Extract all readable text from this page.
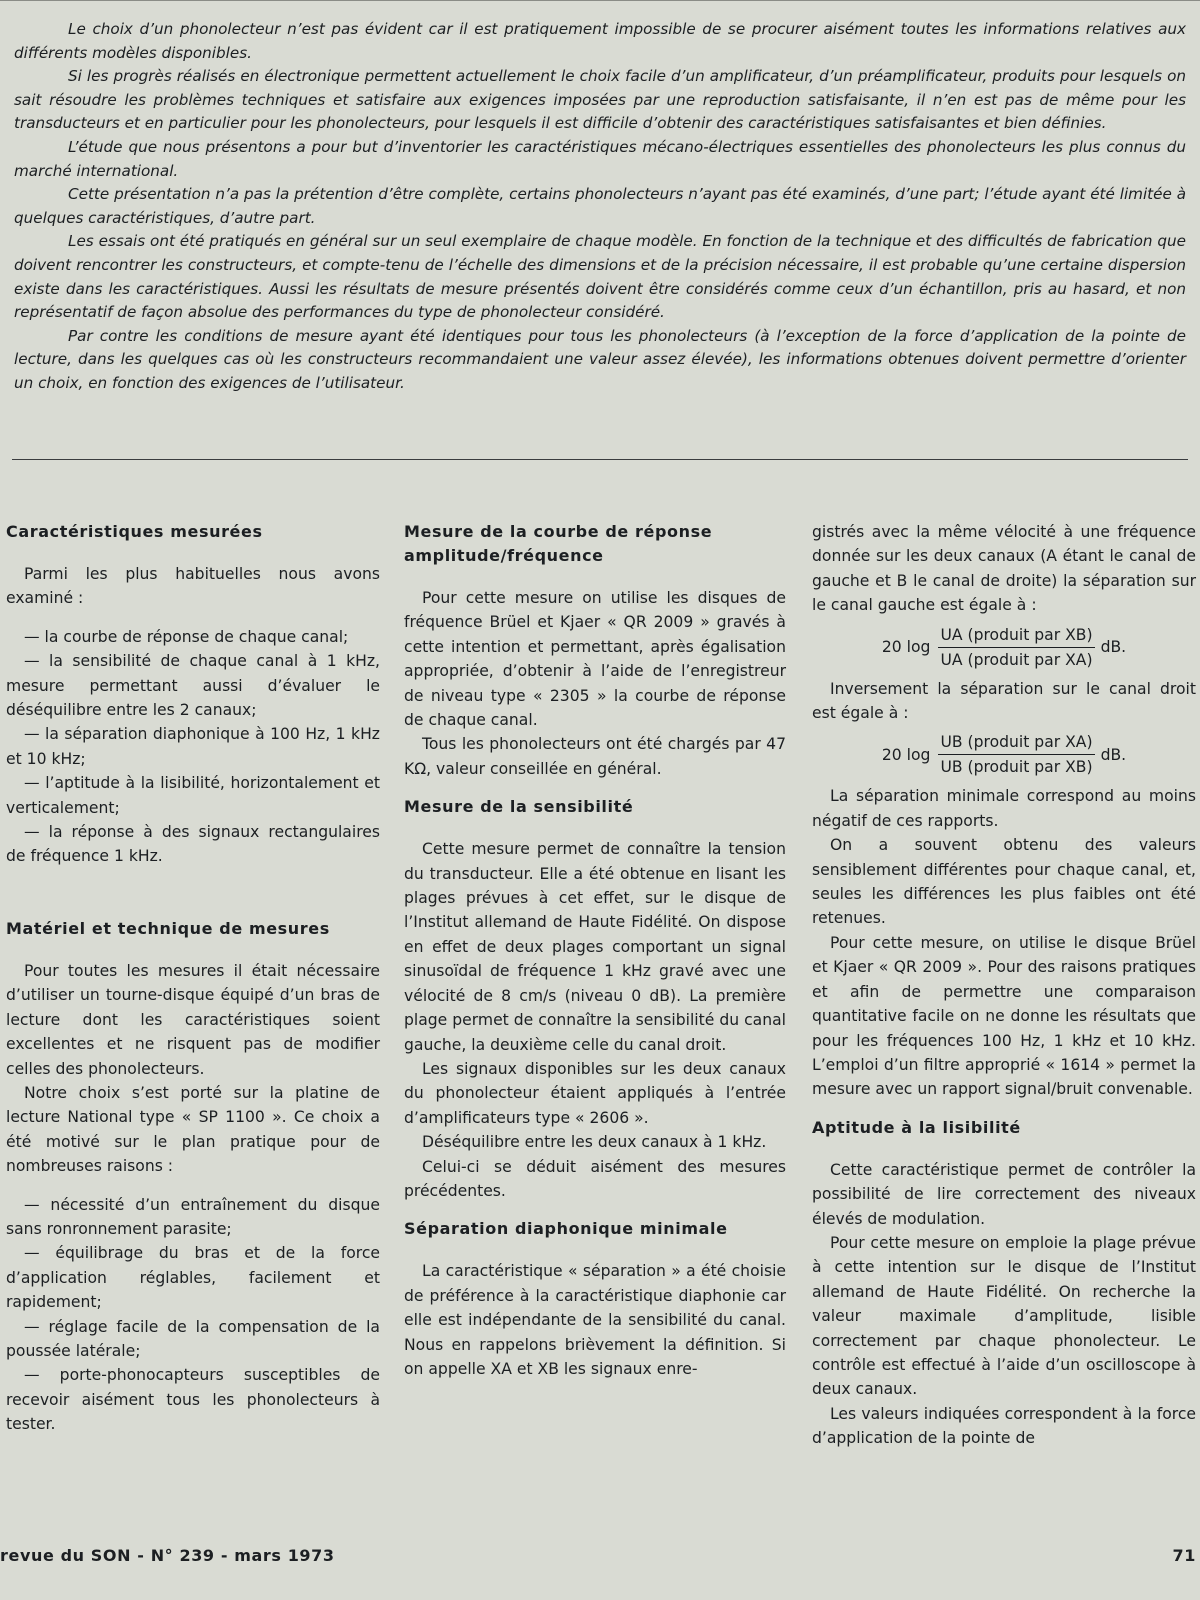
Le choix d’un phonolecteur n’est pas évident car il est pratiquement impossible de se procurer aisément toutes les informations relatives aux différents modèles disponibles.

Si les progrès réalisés en électronique permettent actuellement le choix facile d’un amplificateur, d’un préamplificateur, produits pour lesquels on sait résoudre les problèmes techniques et satisfaire aux exigences imposées par une reproduction satisfaisante, il n’en est pas de même pour les transducteurs et en particulier pour les phonolecteurs, pour lesquels il est difficile d’obtenir des caractéristiques satisfaisantes et bien définies.

L’étude que nous présentons a pour but d’inventorier les caractéristiques mécano-électriques essentielles des phonolecteurs les plus connus du marché international.

Cette présentation n’a pas la prétention d’être complète, certains phonolecteurs n’ayant pas été examinés, d’une part; l’étude ayant été limitée à quelques caractéristiques, d’autre part.

Les essais ont été pratiqués en général sur un seul exemplaire de chaque modèle. En fonction de la technique et des difficultés de fabrication que doivent rencontrer les constructeurs, et compte-tenu de l’échelle des dimensions et de la précision nécessaire, il est probable qu’une certaine dispersion existe dans les caractéristiques. Aussi les résultats de mesure présentés doivent être considérés comme ceux d’un échantillon, pris au hasard, et non représentatif de façon absolue des performances du type de phonolecteur considéré.

Par contre les conditions de mesure ayant été identiques pour tous les phonolecteurs (à l’exception de la force d’application de la pointe de lecture, dans les quelques cas où les constructeurs recommandaient une valeur assez élevée), les informations obtenues doivent permettre d’orienter un choix, en fonction des exigences de l’utilisateur.

Caractéristiques mesurées

Parmi les plus habituelles nous avons examiné :

— la courbe de réponse de chaque canal;

— la sensibilité de chaque canal à 1 kHz, mesure permettant aussi d’évaluer le déséquilibre entre les 2 canaux;

— la séparation diaphonique à 100 Hz, 1 kHz et 10 kHz;

— l’aptitude à la lisibilité, horizontalement et verticalement;

— la réponse à des signaux rectangulaires de fréquence 1 kHz.

Matériel et technique de mesures

Pour toutes les mesures il était nécessaire d’utiliser un tourne-disque équipé d’un bras de lecture dont les caractéristiques soient excellentes et ne risquent pas de modifier celles des phonolecteurs.

Notre choix s’est porté sur la platine de lecture National type « SP 1100 ». Ce choix a été motivé sur le plan pratique pour de nombreuses raisons :

— nécessité d’un entraînement du disque sans ronronnement parasite;

— équilibrage du bras et de la force d’application réglables, facilement et rapidement;

— réglage facile de la compensation de la poussée latérale;

— porte-phonocapteurs susceptibles de recevoir aisément tous les phonolecteurs à tester.

Mesure de la courbe de réponse amplitude/fréquence

Pour cette mesure on utilise les disques de fréquence Brüel et Kjaer « QR 2009 » gravés à cette intention et permettant, après égalisation appropriée, d’obtenir à l’aide de l’enregistreur de niveau type « 2305 » la courbe de réponse de chaque canal.

Tous les phonolecteurs ont été chargés par 47 KΩ, valeur conseillée en général.

Mesure de la sensibilité

Cette mesure permet de connaître la tension du transducteur. Elle a été obtenue en lisant les plages prévues à cet effet, sur le disque de l’Institut allemand de Haute Fidélité. On dispose en effet de deux plages comportant un signal sinusoïdal de fréquence 1 kHz gravé avec une vélocité de 8 cm/s (niveau 0 dB). La première plage permet de connaître la sensibilité du canal gauche, la deuxième celle du canal droit.

Les signaux disponibles sur les deux canaux du phonolecteur étaient appliqués à l’entrée d’amplificateurs type « 2606 ».

Déséquilibre entre les deux canaux à 1 kHz.

Celui-ci se déduit aisément des mesures précédentes.

Séparation diaphonique minimale

La caractéristique « séparation » a été choisie de préférence à la caractéristique diaphonie car elle est indépendante de la sensibilité du canal. Nous en rappelons brièvement la définition. Si on appelle XA et XB les signaux enre-

gistrés avec la même vélocité à une fréquence donnée sur les deux canaux (A étant le canal de gauche et B le canal de droite) la séparation sur le canal gauche est égale à :

20 $\log \frac{\text{UA (produit par XB)}}{\text{UA (produit par XA)}}$ dB.

Inversement la séparation sur le canal droit est égale à :

20 $\log \frac{\text{UB (produit par XA)}}{\text{UB (produit par XB)}}$ dB.

La séparation minimale correspond au moins négatif de ces rapports.

On a souvent obtenu des valeurs sensiblement différentes pour chaque canal, et, seules les différences les plus faibles ont été retenues.

Pour cette mesure, on utilise le disque Brüel et Kjaer « QR 2009 ». Pour des raisons pratiques et afin de permettre une comparaison quantitative facile on ne donne les résultats que pour les fréquences 100 Hz, 1 kHz et 10 kHz. L’emploi d’un filtre approprié « 1614 » permet la mesure avec un rapport signal/bruit convenable.

Aptitude à la lisibilité

Cette caractéristique permet de contrôler la possibilité de lire correctement des niveaux élevés de modulation.

Pour cette mesure on emploie la plage prévue à cette intention sur le disque de l’Institut allemand de Haute Fidélité. On recherche la valeur maximale d’amplitude, lisible correctement par chaque phonolecteur. Le contrôle est effectué à l’aide d’un oscilloscope à deux canaux.

Les valeurs indiquées correspondent à la force d’application de la pointe de

revue du SON - N° 239 - mars 1973	71
